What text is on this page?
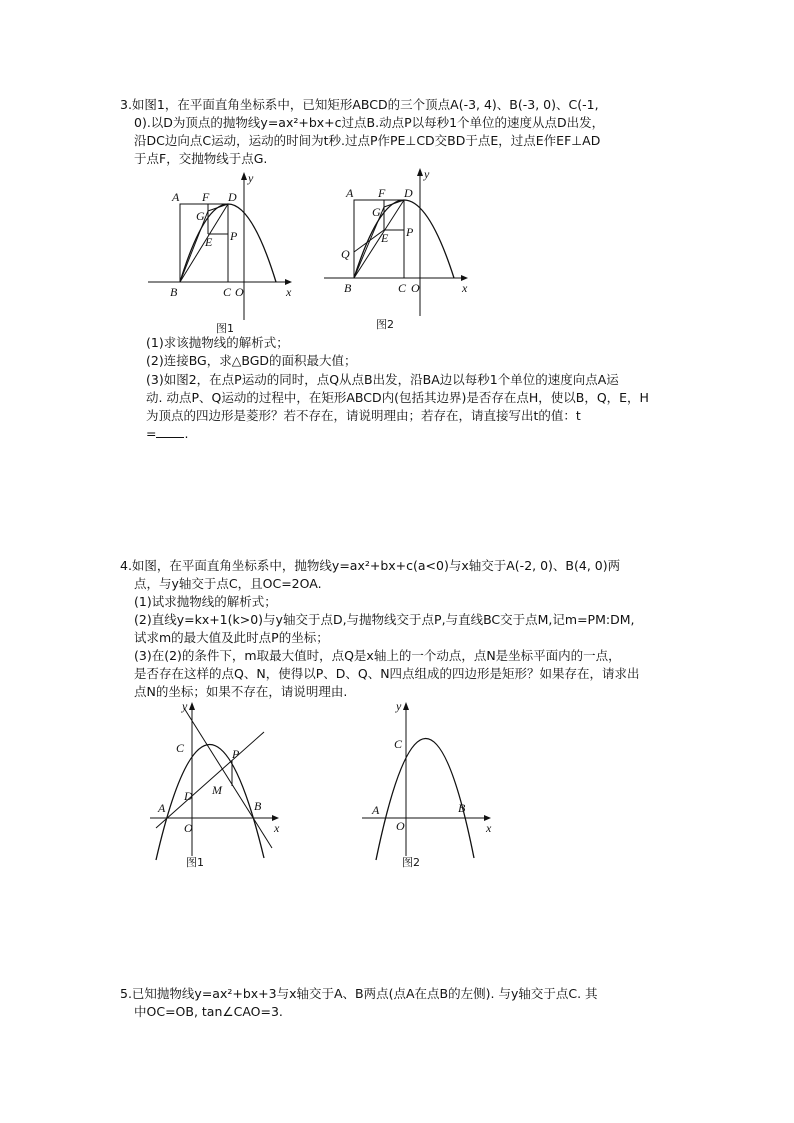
3.如图1，在平面直角坐标系中，已知矩形ABCD的三个顶点A(-3, 4)、B(-3, 0)、C(-1,
0).以D为顶点的抛物线y=ax²+bx+c过点B.动点P以每秒1个单位的速度从点D出发，
沿DC边向点C运动，运动的时间为t秒.过点P作PE⊥CD交BD于点E，过点E作EF⊥AD
于点F，交抛物线于点G.
A F D
G
E P
B	C O	x
y
图1
A F D
G
E P
Q
B	C O	x
y
图2
(1)求该抛物线的解析式；
(2)连接BG，求△BGD的面积最大值；
(3)如图2，在点P运动的同时，点Q从点B出发，沿BA边以每秒1个单位的速度向点A运
动. 动点P、Q运动的过程中，在矩形ABCD内(包括其边界)是否存在点H，使以B，Q，E，H
为顶点的四边形是菱形？若不存在，请说明理由；若存在，请直接写出t的值：t
= .
4.如图，在平面直角坐标系中，抛物线y=ax²+bx+c(a<0)与x轴交于A(-2, 0)、B(4, 0)两
点，与y轴交于点C，且OC=2OA.
(1)试求抛物线的解析式；
(2)直线y=kx+1(k>0)与y轴交于点D,与抛物线交于点P,与直线BC交于点M,记m=PM:DM,
试求m的最大值及此时点P的坐标；
(3)在(2)的条件下，m取最大值时，点Q是x轴上的一个动点，点N是坐标平面内的一点，
是否存在这样的点Q、N，使得以P、D、Q、N四点组成的四边形是矩形？如果存在，请求出
点N的坐标；如果不存在，请说明理由.
C	P
D M
A	B
O	x
y
图1
C
A	B
O	x
y
图2
5.已知抛物线y=ax²+bx+3与x轴交于A、B两点(点A在点B的左侧). 与y轴交于点C. 其
中OC=OB, tan∠CAO=3.
